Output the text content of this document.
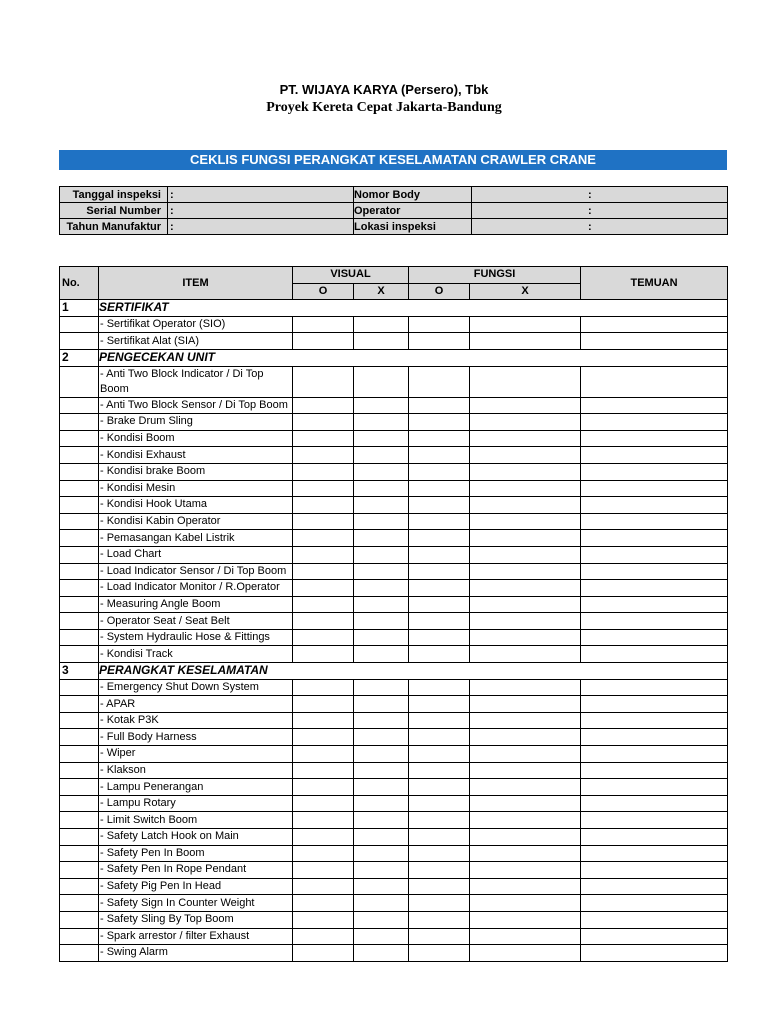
PT. WIJAYA KARYA (Persero), Tbk
Proyek Kereta Cepat Jakarta-Bandung
CEKLIS FUNGSI PERANGKAT KESELAMATAN CRAWLER CRANE
Tanggal inspeksi	:	Nomor Body	:
Serial Number	:	Operator	:
Tahun Manufaktur	:	Lokasi inspeksi	:
No.	ITEM	VISUAL		FUNGSI		TEMUAN
		O	X	O	X	
1	SERTIFIKAT					
	- Sertifikat Operator (SIO)					
	- Sertifikat Alat (SIA)					
2	PENGECEKAN UNIT					
	- Anti Two Block Indicator / Di Top Boom					
	- Anti Two Block Sensor / Di Top Boom					
	- Brake Drum Sling					
	- Kondisi Boom					
	- Kondisi Exhaust					
	- Kondisi brake Boom					
	- Kondisi Mesin					
	- Kondisi Hook Utama					
	- Kondisi Kabin Operator					
	- Pemasangan Kabel Listrik					
	- Load Chart					
	- Load Indicator Sensor / Di Top Boom					
	- Load Indicator Monitor / R.Operator					
	- Measuring Angle Boom					
	- Operator Seat / Seat Belt					
	- System Hydraulic Hose & Fittings					
	- Kondisi Track					
3	PERANGKAT KESELAMATAN					
	- Emergency Shut Down System					
	- APAR					
	- Kotak P3K					
	- Full Body Harness					
	- Wiper					
	- Klakson					
	- Lampu Penerangan					
	- Lampu Rotary					
	- Limit Switch Boom					
	- Safety Latch Hook on Main					
	- Safety Pen In Boom					
	- Safety Pen In Rope Pendant					
	- Safety Pig Pen In Head					
	- Safety Sign In Counter Weight					
	- Safety Sling By Top Boom					
	- Spark arrestor / filter Exhaust					
	- Swing Alarm					
